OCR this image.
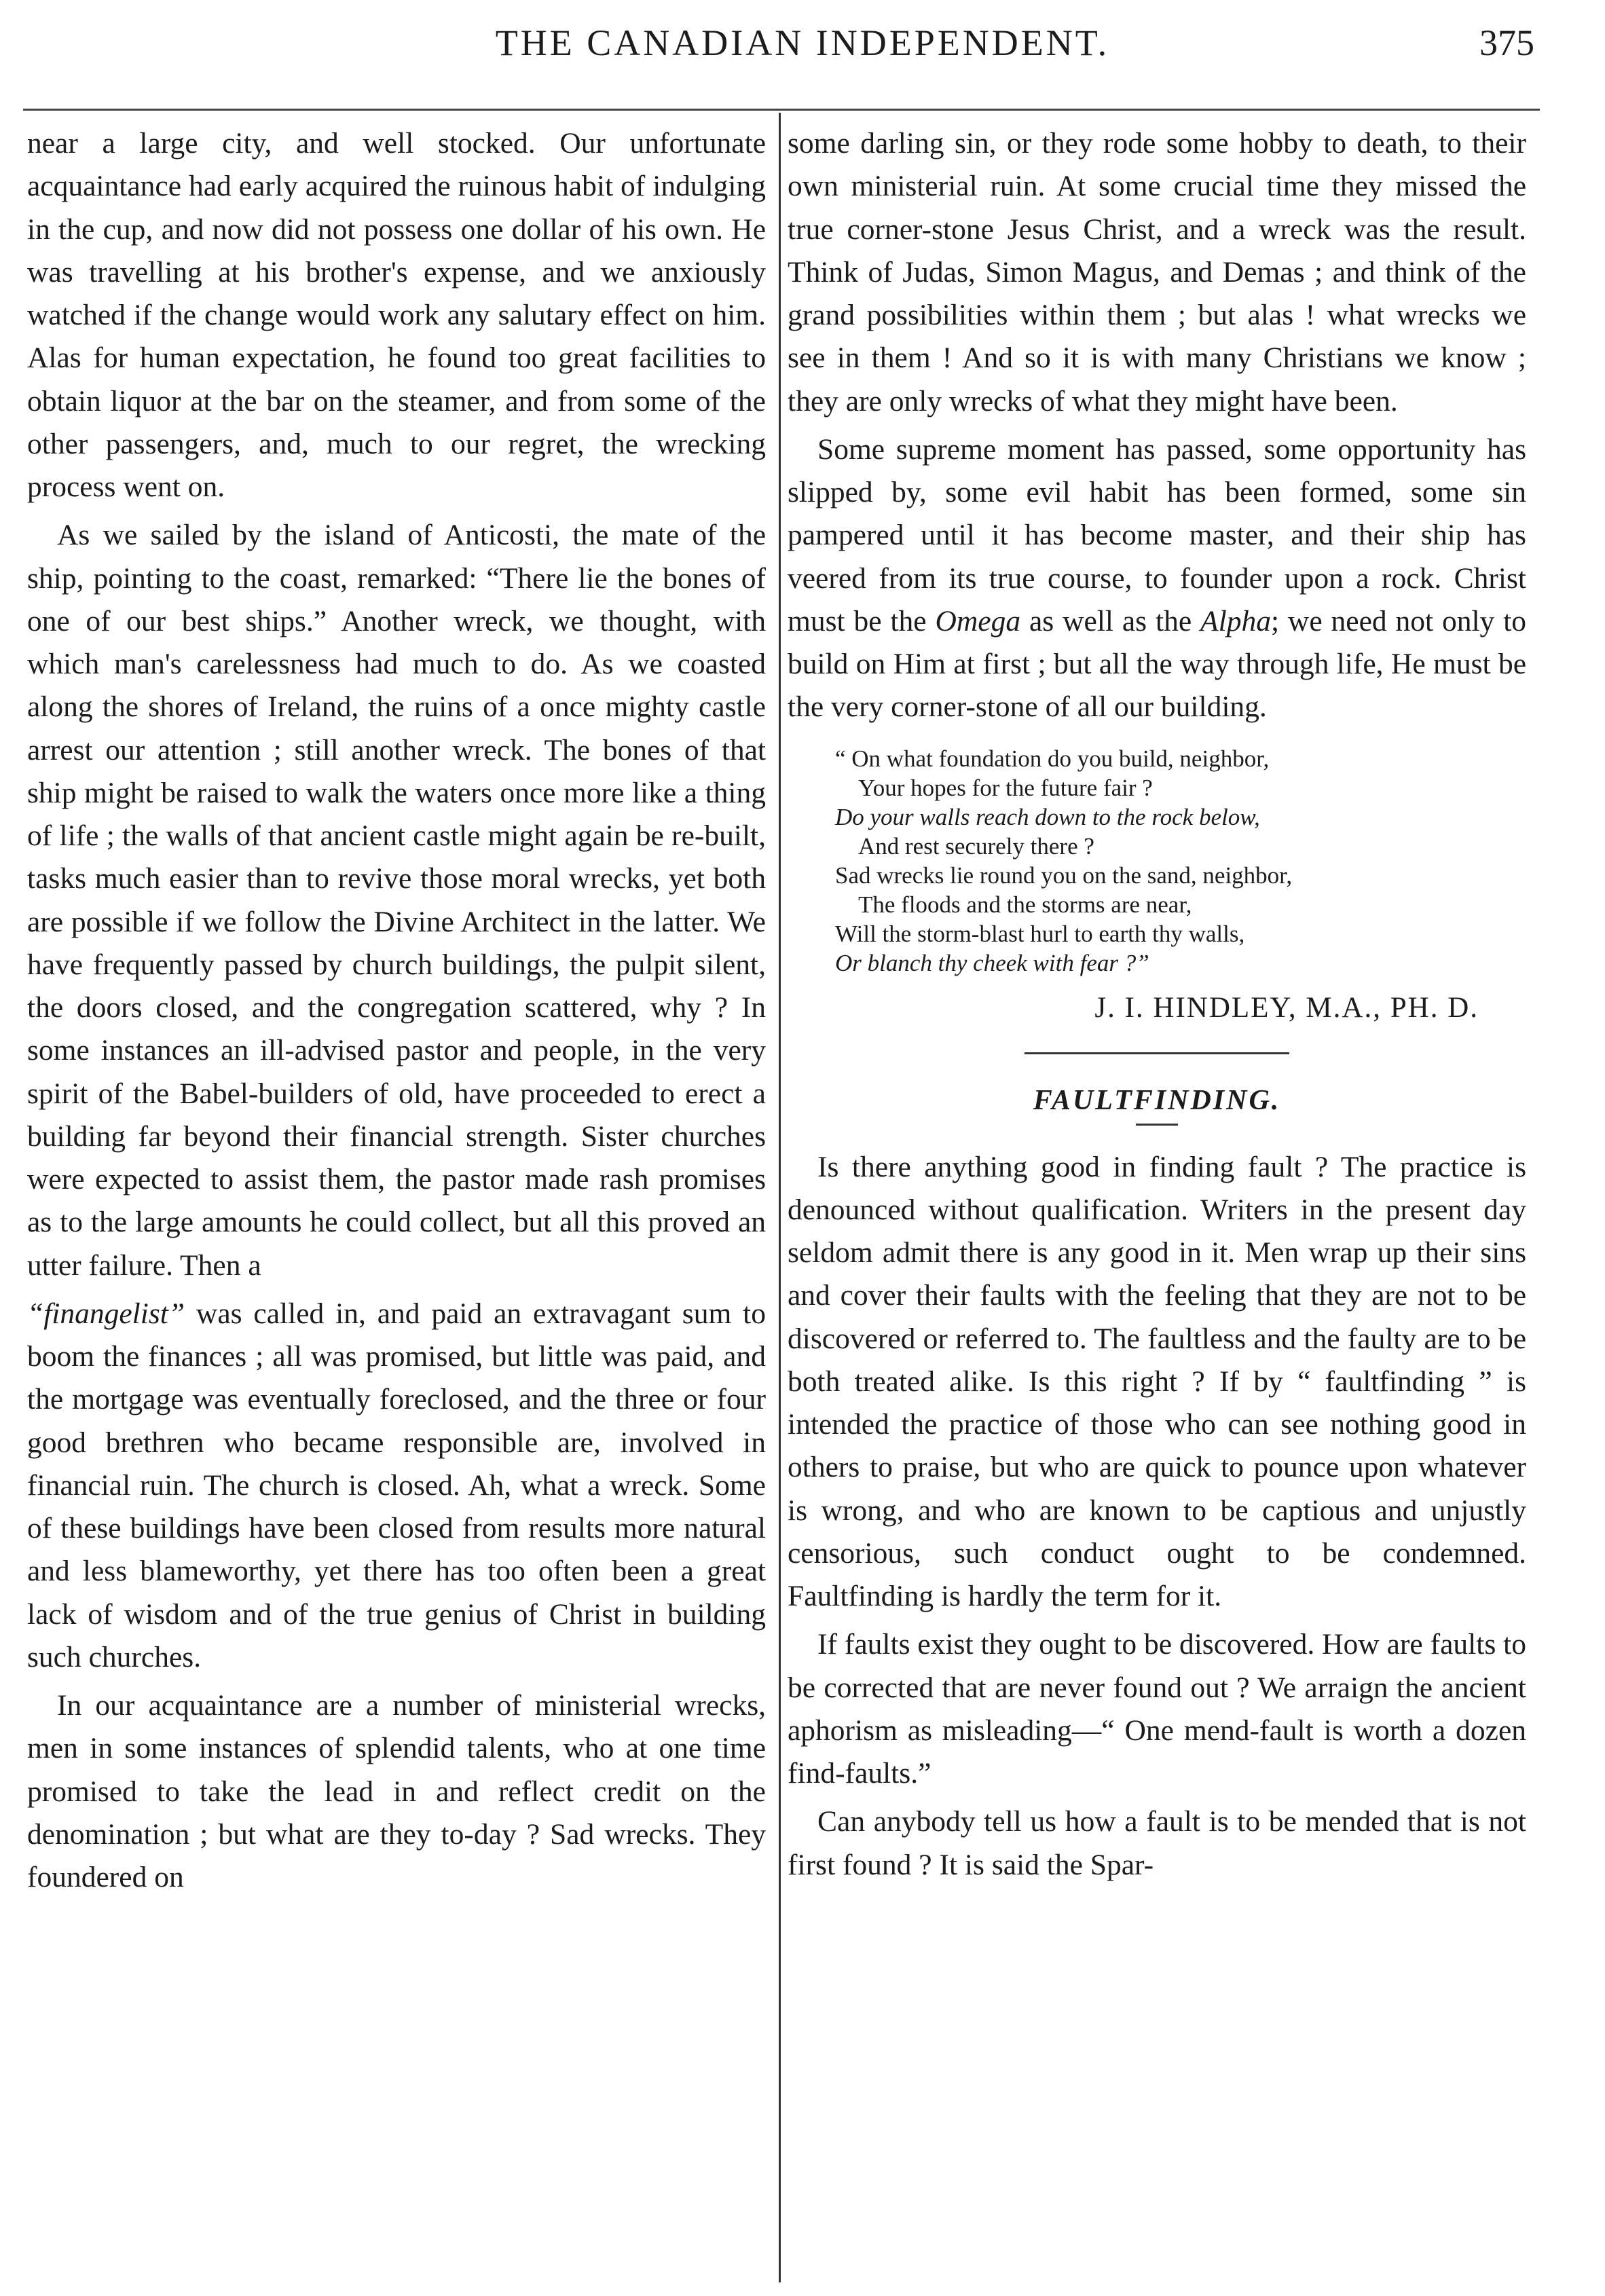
THE CANADIAN INDEPENDENT.	375

near a large city, and well stocked. Our unfortunate acquaintance had early acquired the ruinous habit of indulging in the cup, and now did not possess one dollar of his own. He was travelling at his brother's expense, and we anxiously watched if the change would work any salutary effect on him. Alas for human expectation, he found too great facilities to obtain liquor at the bar on the steamer, and from some of the other passengers, and, much to our regret, the wrecking process went on.

As we sailed by the island of Anticosti, the mate of the ship, pointing to the coast, remarked: “There lie the bones of one of our best ships.” Another wreck, we thought, with which man's carelessness had much to do. As we coasted along the shores of Ireland, the ruins of a once mighty castle arrest our attention ; still another wreck. The bones of that ship might be raised to walk the waters once more like a thing of life ; the walls of that ancient castle might again be re-built, tasks much easier than to revive those moral wrecks, yet both are possible if we follow the Divine Architect in the latter. We have frequently passed by church buildings, the pulpit silent, the doors closed, and the congregation scattered, why ? In some instances an ill-advised pastor and people, in the very spirit of the Babel-builders of old, have proceeded to erect a building far beyond their financial strength. Sister churches were expected to assist them, the pastor made rash promises as to the large amounts he could collect, but all this proved an utter failure. Then a

“finangelist” was called in, and paid an extravagant sum to boom the finances ; all was promised, but little was paid, and the mortgage was eventually foreclosed, and the three or four good brethren who became responsible are, involved in financial ruin. The church is closed. Ah, what a wreck. Some of these buildings have been closed from results more natural and less blameworthy, yet there has too often been a great lack of wisdom and of the true genius of Christ in building such churches.

In our acquaintance are a number of ministerial wrecks, men in some instances of splendid talents, who at one time promised to take the lead in and reflect credit on the denomination ; but what are they to-day ? Sad wrecks. They foundered on

some darling sin, or they rode some hobby to death, to their own ministerial ruin. At some crucial time they missed the true corner-stone Jesus Christ, and a wreck was the result. Think of Judas, Simon Magus, and Demas ; and think of the grand possibilities within them ; but alas ! what wrecks we see in them ! And so it is with many Christians we know ; they are only wrecks of what they might have been.

Some supreme moment has passed, some opportunity has slipped by, some evil habit has been formed, some sin pampered until it has become master, and their ship has veered from its true course, to founder upon a rock. Christ must be the Omega as well as the Alpha; we need not only to build on Him at first ; but all the way through life, He must be the very corner-stone of all our building.

“ On what foundation do you build, neighbor,
Your hopes for the future fair ?
Do your walls reach down to the rock below,
And rest securely there ?
Sad wrecks lie round you on the sand, neighbor,
The floods and the storms are near,
Will the storm-blast hurl to earth thy walls,
Or blanch thy cheek with fear ?”
J. I. HINDLEY, M.A., PH. D.
FAULTFINDING.

Is there anything good in finding fault ? The practice is denounced without qualification. Writers in the present day seldom admit there is any good in it. Men wrap up their sins and cover their faults with the feeling that they are not to be discovered or referred to. The faultless and the faulty are to be both treated alike. Is this right ? If by “ faultfinding ” is intended the practice of those who can see nothing good in others to praise, but who are quick to pounce upon whatever is wrong, and who are known to be captious and unjustly censorious, such conduct ought to be condemned. Faultfinding is hardly the term for it.

If faults exist they ought to be discovered. How are faults to be corrected that are never found out ? We arraign the ancient aphorism as misleading—“ One mend-fault is worth a dozen find-faults.”

Can anybody tell us how a fault is to be mended that is not first found ? It is said the Spar-
